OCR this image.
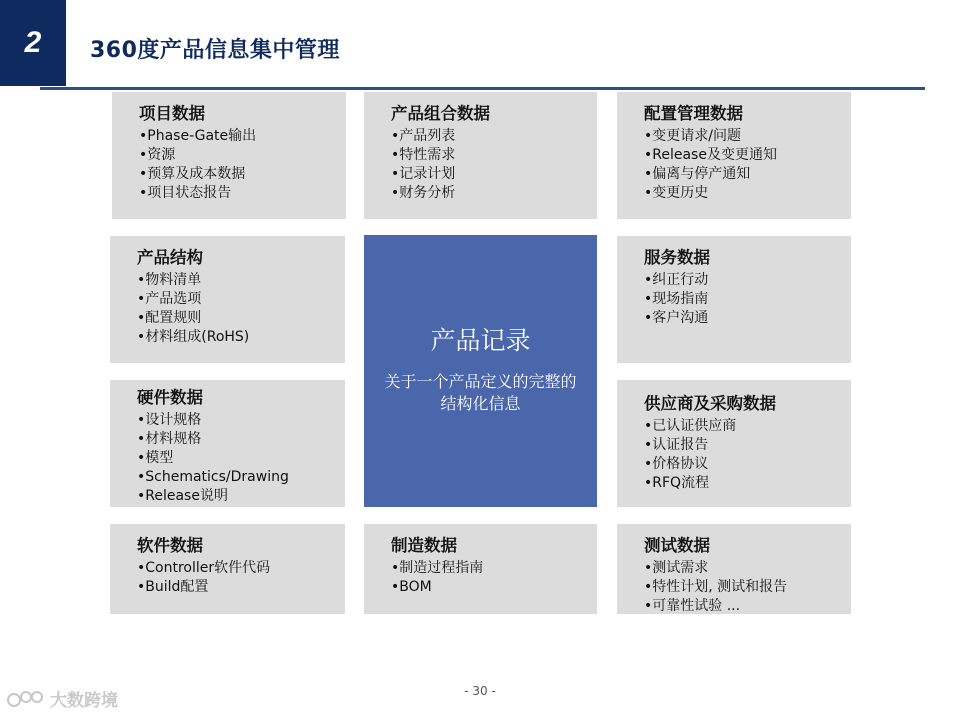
2	360度产品信息集中管理
项目数据
• Phase-Gate输出
• 资源
• 预算及成本数据
• 项目状态报告
产品组合数据
• 产品列表
• 特性需求
• 记录计划
• 财务分析
配置管理数据
• 变更请求/问题
• Release及变更通知
• 偏离与停产通知
• 变更历史
产品结构
• 物料清单
• 产品选项
• 配置规则
• 材料组成(RoHS)
服务数据
• 纠正行动
• 现场指南
• 客户沟通
硬件数据
• 设计规格
• 材料规格
• 模型
• Schematics/Drawing
• Release说明
供应商及采购数据
• 已认证供应商
• 认证报告
• 价格协议
• RFQ流程
产品记录
关于一个产品定义的完整的结构化信息
软件数据
• Controller软件代码
• Build配置
制造数据
• 制造过程指南
• BOM
测试数据
• 测试需求
• 特性计划, 测试和报告
• 可靠性试验 ...
- 30 -
大数跨境
